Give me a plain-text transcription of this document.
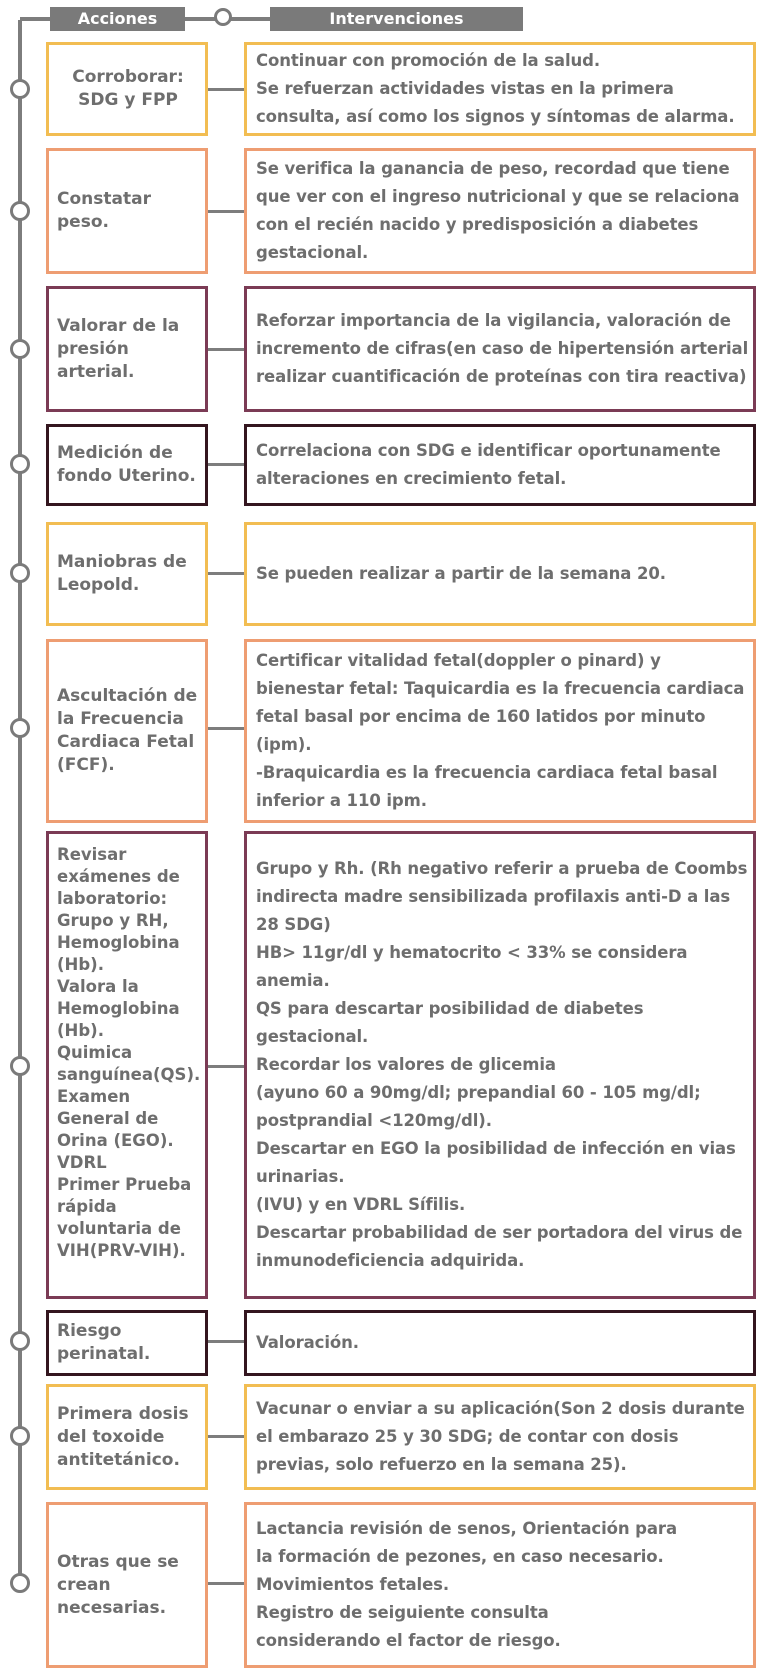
Acciones	Intervenciones
Corroborar:
SDG y FPP
Continuar con promoción de la salud.
Se refuerzan actividades vistas en la primera consulta, así como los signos y síntomas de alarma.
Constatar peso.
Se verifica la ganancia de peso, recordad que tiene que ver con el ingreso nutricional y que se relaciona con el recién nacido y predisposición a diabetes gestacional.
Valorar de la presión arterial.
Reforzar importancia de la vigilancia, valoración de incremento de cifras(en caso de hipertensión arterial realizar cuantificación de proteínas con tira reactiva)
Medición de fondo Uterino.
Correlaciona con SDG e identificar oportunamente alteraciones en crecimiento fetal.
Maniobras de Leopold.
Se pueden realizar a partir de la semana 20.
Ascultación de la Frecuencia Cardiaca Fetal (FCF).
Certificar vitalidad fetal(doppler o pinard) y bienestar fetal: Taquicardia es la frecuencia cardiaca fetal basal por encima de 160 latidos por minuto (ipm).
-Braquicardia es la frecuencia cardiaca fetal basal inferior a 110 ipm.
Revisar exámenes de laboratorio: Grupo y RH, Hemoglobina (Hb).
Valora la Hemoglobina (Hb).
Quimica sanguínea(QS).
Examen General de Orina (EGO).
VDRL
Primer Prueba rápida voluntaria de VIH(PRV-VIH).
Grupo y Rh. (Rh negativo referir a prueba de Coombs indirecta madre sensibilizada profilaxis anti-D a las 28 SDG)
HB> 11gr/dl y hematocrito < 33% se considera anemia.
QS para descartar posibilidad de diabetes gestacional.
Recordar los valores de glicemia
(ayuno 60 a 90mg/dl; prepandial 60 - 105 mg/dl; postprandial <120mg/dl).
Descartar en EGO la posibilidad de infección en vias urinarias.
(IVU) y en VDRL Sífilis.
Descartar probabilidad de ser portadora del virus de inmunodeficiencia adquirida.
Riesgo perinatal.
Valoración.
Primera dosis del toxoide antitetánico.
Vacunar o enviar a su aplicación(Son 2 dosis durante el embarazo 25 y 30 SDG; de contar con dosis previas, solo refuerzo en la semana 25).
Otras que se crean necesarias.
Lactancia revisión de senos, Orientación para
la formación de pezones, en caso necesario.
Movimientos fetales.
Registro de seiguiente consulta
considerando el factor de riesgo.
